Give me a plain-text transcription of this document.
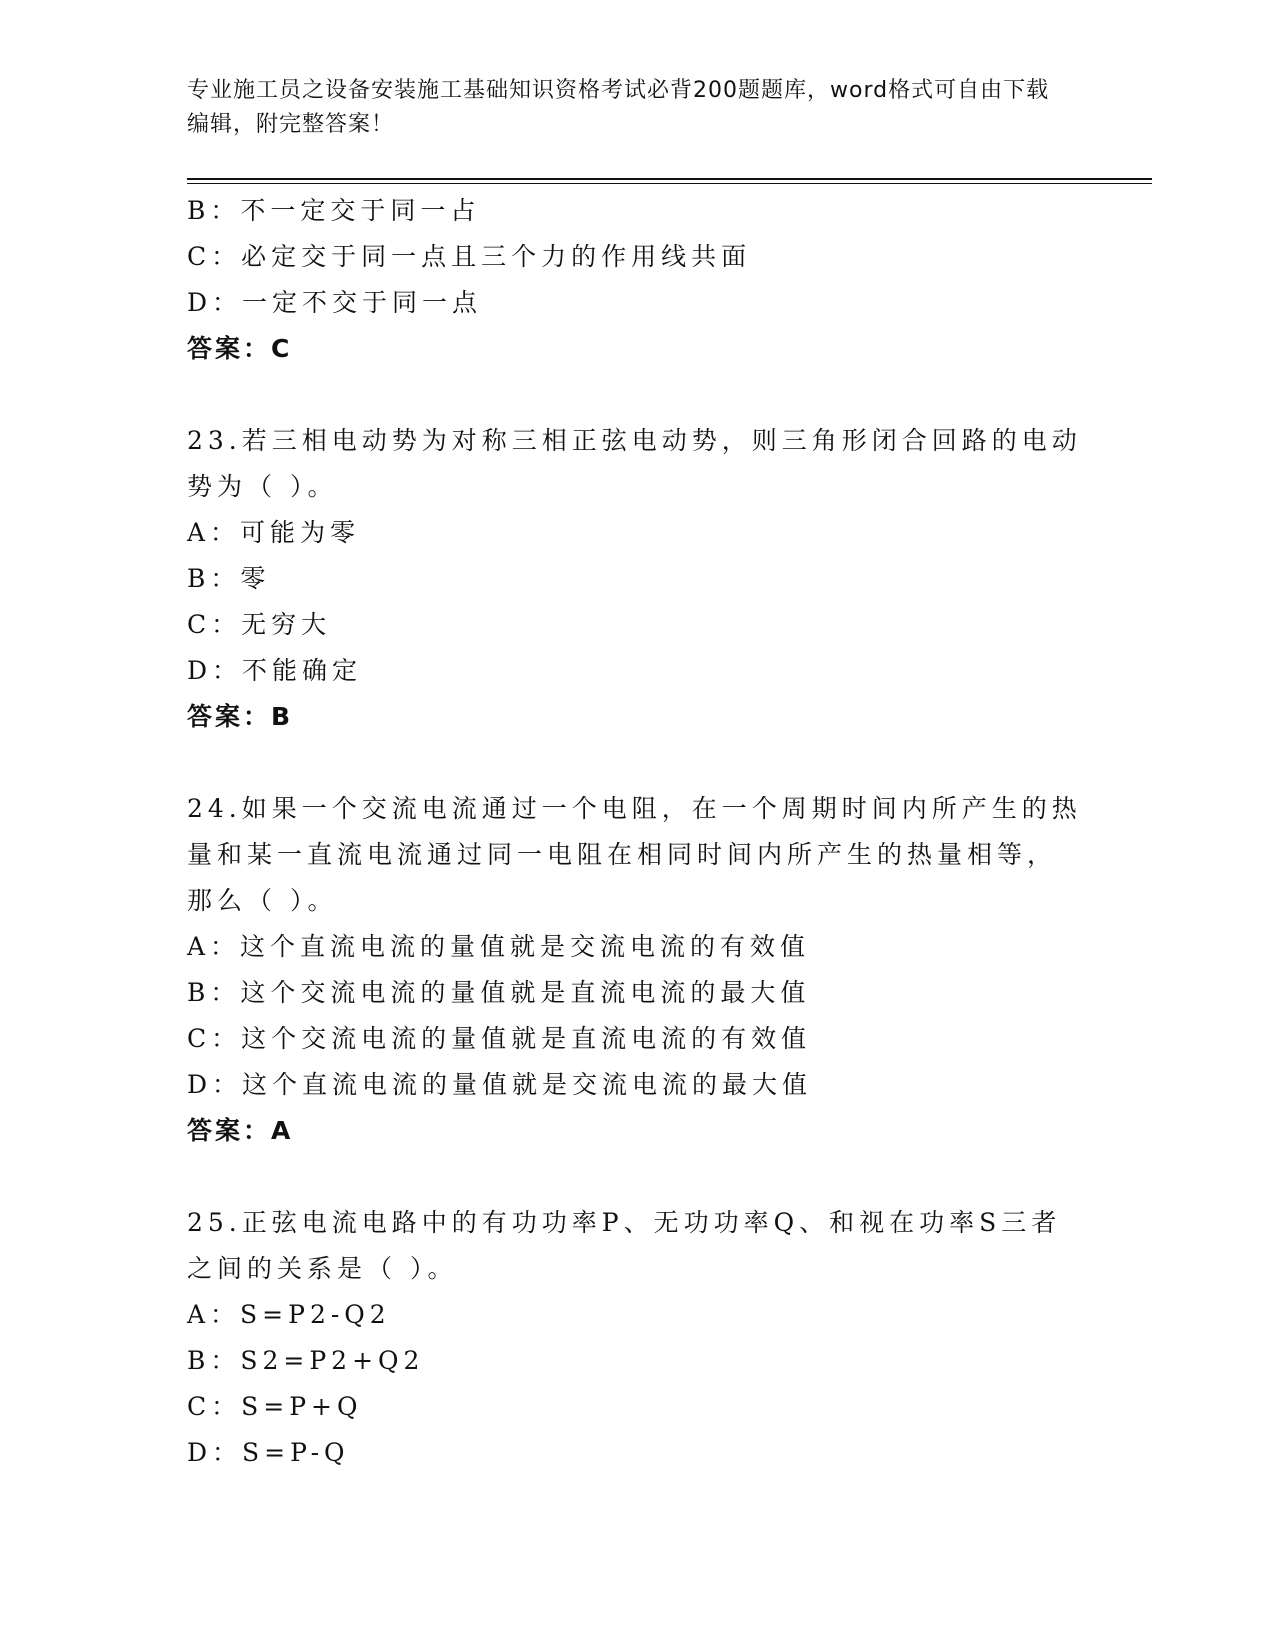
专业施工员之设备安装施工基础知识资格考试必背200题题库，word格式可自由下载编辑，附完整答案！
B：不一定交于同一占
C：必定交于同一点且三个力的作用线共面
D：一定不交于同一点
答案：C
23.若三相电动势为对称三相正弦电动势，则三角形闭合回路的电动势为（ ）。
A：可能为零
B：零
C：无穷大
D：不能确定
答案：B
24.如果一个交流电流通过一个电阻，在一个周期时间内所产生的热量和某一直流电流通过同一电阻在相同时间内所产生的热量相等，那么（ ）。
A：这个直流电流的量值就是交流电流的有效值
B：这个交流电流的量值就是直流电流的最大值
C：这个交流电流的量值就是直流电流的有效值
D：这个直流电流的量值就是交流电流的最大值
答案：A
25.正弦电流电路中的有功功率P、无功功率Q、和视在功率S三者之间的关系是（ ）。
A：S=P2-Q2
B：S2=P2+Q2
C：S=P+Q
D：S=P-Q
